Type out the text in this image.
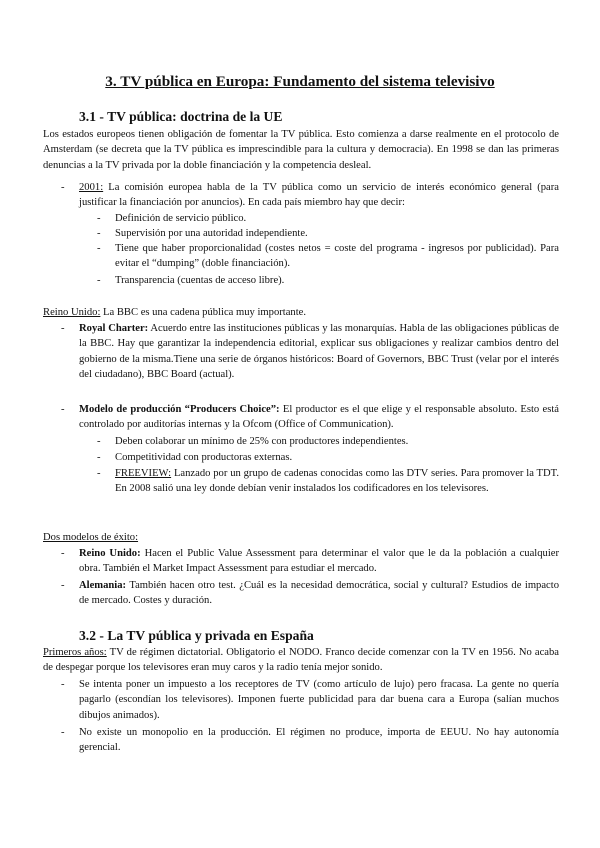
3. TV pública en Europa: Fundamento del sistema televisivo
3.1 - TV pública: doctrina de la UE
Los estados europeos tienen obligación de fomentar la TV pública. Esto comienza a darse realmente en el protocolo de Amsterdam (se decreta que la TV pública es imprescindible para la cultura y democracia). En 1998 se dan las primeras denuncias a la TV privada por la doble financiación y la competencia desleal.
- 2001: La comisión europea habla de la TV pública como un servicio de interés económico general (para justificar la financiación por anuncios). En cada país miembro hay que decir:
- Definición de servicio público.
- Supervisión por una autoridad independiente.
- Tiene que haber proporcionalidad (costes netos = coste del programa - ingresos por publicidad). Para evitar el “dumping” (doble financiación).
- Transparencia (cuentas de acceso libre).
Reino Unido: La BBC es una cadena pública muy importante.
- Royal Charter: Acuerdo entre las instituciones públicas y las monarquías. Habla de las obligaciones públicas de la BBC. Hay que garantizar la independencia editorial, explicar sus obligaciones y realizar cambios dentro del gobierno de la misma.Tiene una serie de órganos históricos: Board of Governors, BBC Trust (velar por el interés del ciudadano), BBC Board (actual).
- Modelo de producción “Producers Choice”: El productor es el que elige y el responsable absoluto. Esto está controlado por auditorías internas y la Ofcom (Office of Communication).
- Deben colaborar un mínimo de 25% con productores independientes.
- Competitividad con productoras externas.
- FREEVIEW: Lanzado por un grupo de cadenas conocidas como las DTV series. Para promover la TDT. En 2008 salió una ley donde debían venir instalados los codificadores en los televisores.
Dos modelos de éxito:
- Reino Unido: Hacen el Public Value Assessment para determinar el valor que le da la población a cualquier obra. También el Market Impact Assessment para estudiar el mercado.
- Alemania: También hacen otro test. ¿Cuál es la necesidad democrática, social y cultural? Estudios de impacto de mercado. Costes y duración.
3.2 - La TV pública y privada en España
Primeros años: TV de régimen dictatorial. Obligatorio el NODO. Franco decide comenzar con la TV en 1956. No acaba de despegar porque los televisores eran muy caros y la radio tenía mejor sonido.
- Se intenta poner un impuesto a los receptores de TV (como artículo de lujo) pero fracasa. La gente no quería pagarlo (escondían los televisores). Imponen fuerte publicidad para dar buena cara a Europa (salían muchos dibujos animados).
- No existe un monopolio en la producción. El régimen no produce, importa de EEUU. No hay autonomía gerencial.
